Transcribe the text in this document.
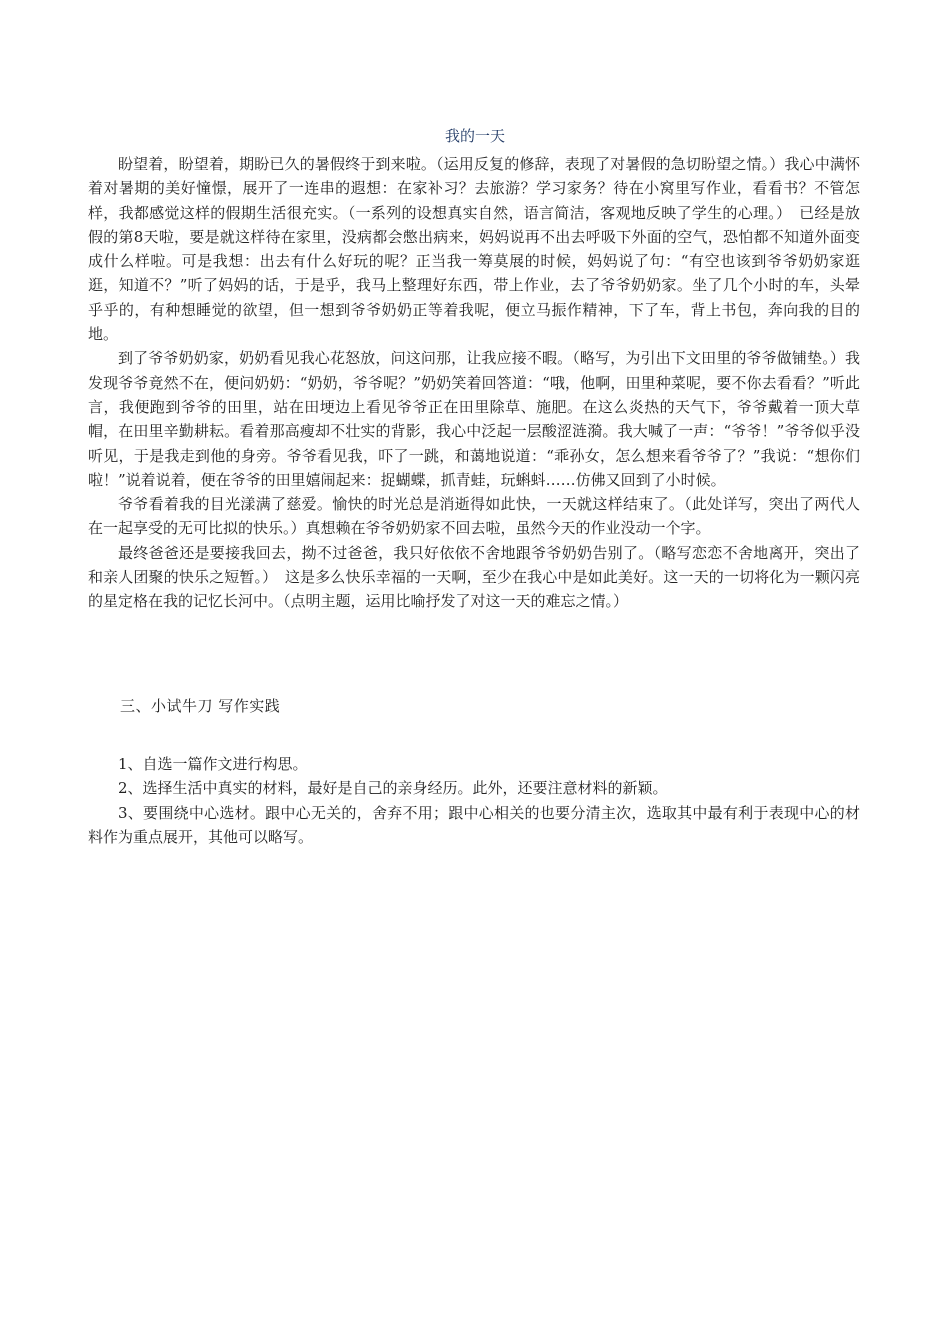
我的一天

盼望着，盼望着，期盼已久的暑假终于到来啦。（运用反复的修辞，表现了对暑假的急切盼望之情。）我心中满怀着对暑期的美好憧憬，展开了一连串的遐想：在家补习？去旅游？学习家务？待在小窝里写作业，看看书？不管怎样，我都感觉这样的假期生活很充实。（一系列的设想真实自然，语言简洁，客观地反映了学生的心理。）　已经是放假的第8天啦，要是就这样待在家里，没病都会憋出病来，妈妈说再不出去呼吸下外面的空气，恐怕都不知道外面变成什么样啦。可是我想：出去有什么好玩的呢？正当我一筹莫展的时候，妈妈说了句：“有空也该到爷爷奶奶家逛逛，知道不？”听了妈妈的话，于是乎，我马上整理好东西，带上作业，去了爷爷奶奶家。坐了几个小时的车，头晕乎乎的，有种想睡觉的欲望，但一想到爷爷奶奶正等着我呢，便立马振作精神，下了车，背上书包，奔向我的目的地。

到了爷爷奶奶家，奶奶看见我心花怒放，问这问那，让我应接不暇。（略写，为引出下文田里的爷爷做铺垫。）我发现爷爷竟然不在，便问奶奶：“奶奶，爷爷呢？”奶奶笑着回答道：“哦，他啊，田里种菜呢，要不你去看看？”听此言，我便跑到爷爷的田里，站在田埂边上看见爷爷正在田里除草、施肥。在这么炎热的天气下，爷爷戴着一顶大草帽，在田里辛勤耕耘。看着那高瘦却不壮实的背影，我心中泛起一层酸涩涟漪。我大喊了一声：“爷爷！”爷爷似乎没听见，于是我走到他的身旁。爷爷看见我，吓了一跳，和蔼地说道：“乖孙女，怎么想来看爷爷了？”我说：“想你们啦！”说着说着，便在爷爷的田里嬉闹起来：捉蝴蝶，抓青蛙，玩蝌蚪……仿佛又回到了小时候。

爷爷看着我的目光漾满了慈爱。愉快的时光总是消逝得如此快，一天就这样结束了。（此处详写，突出了两代人在一起享受的无可比拟的快乐。）真想赖在爷爷奶奶家不回去啦，虽然今天的作业没动一个字。

最终爸爸还是要接我回去，拗不过爸爸，我只好依依不舍地跟爷爷奶奶告别了。（略写恋恋不舍地离开，突出了和亲人团聚的快乐之短暂。）　这是多么快乐幸福的一天啊，至少在我心中是如此美好。这一天的一切将化为一颗闪亮的星定格在我的记忆长河中。（点明主题，运用比喻抒发了对这一天的难忘之情。）

三、小试牛刀 写作实践

1、自选一篇作文进行构思。

2、选择生活中真实的材料，最好是自己的亲身经历。此外，还要注意材料的新颖。

3、要围绕中心选材。跟中心无关的，舍弃不用；跟中心相关的也要分清主次，选取其中最有利于表现中心的材料作为重点展开，其他可以略写。
